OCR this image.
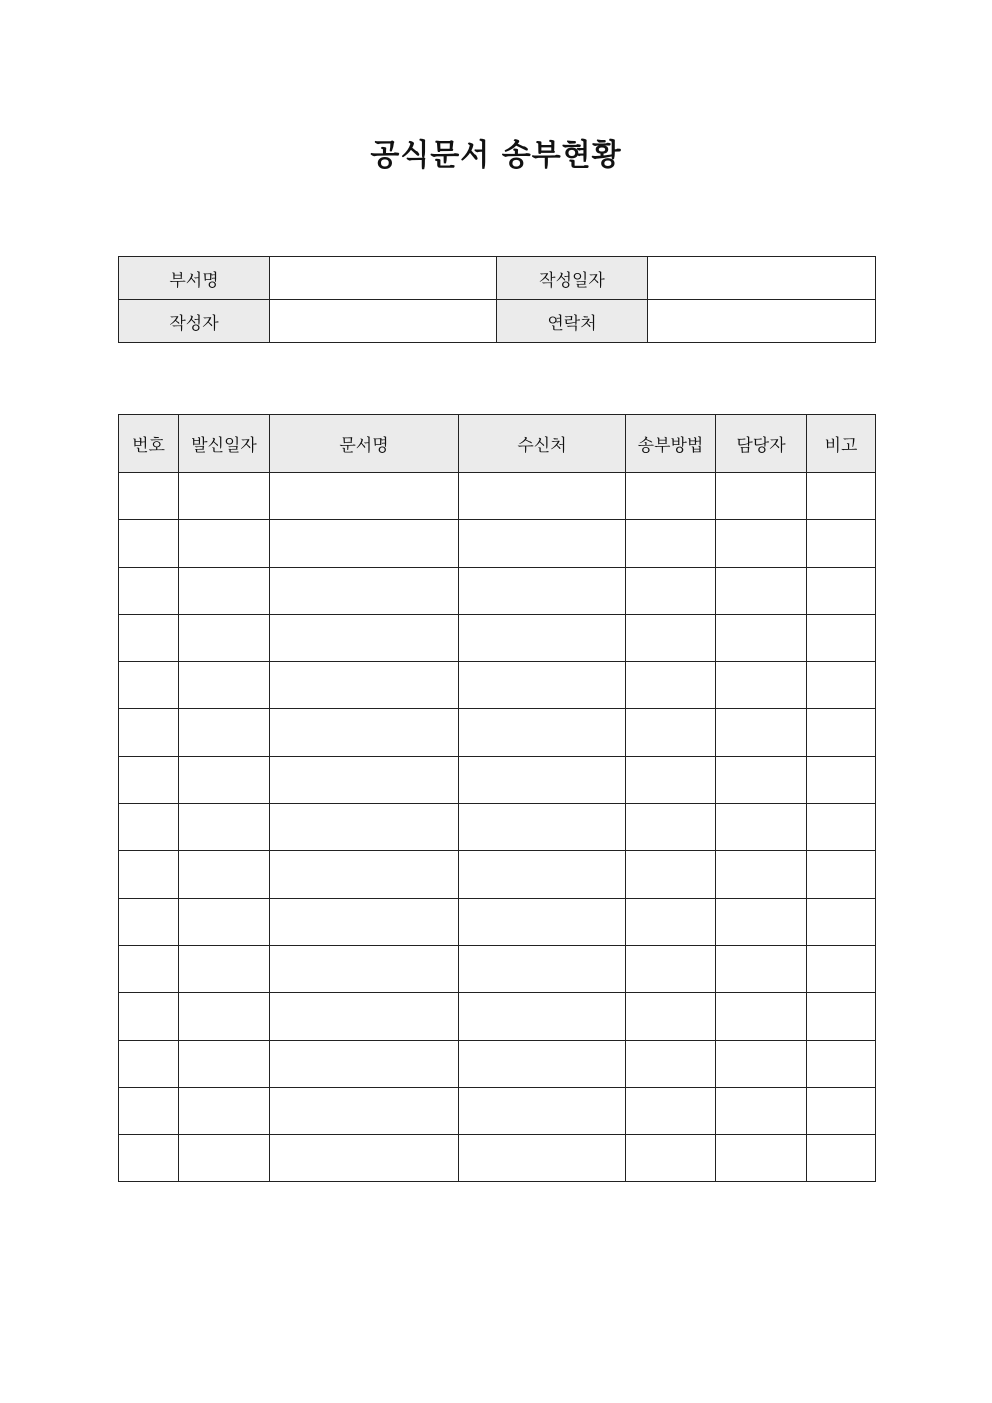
공식문서 송부현황
부서명		작성일자	
작성자		연락처	
번호	발신일자	문서명	수신처	송부방법	담당자	비고
